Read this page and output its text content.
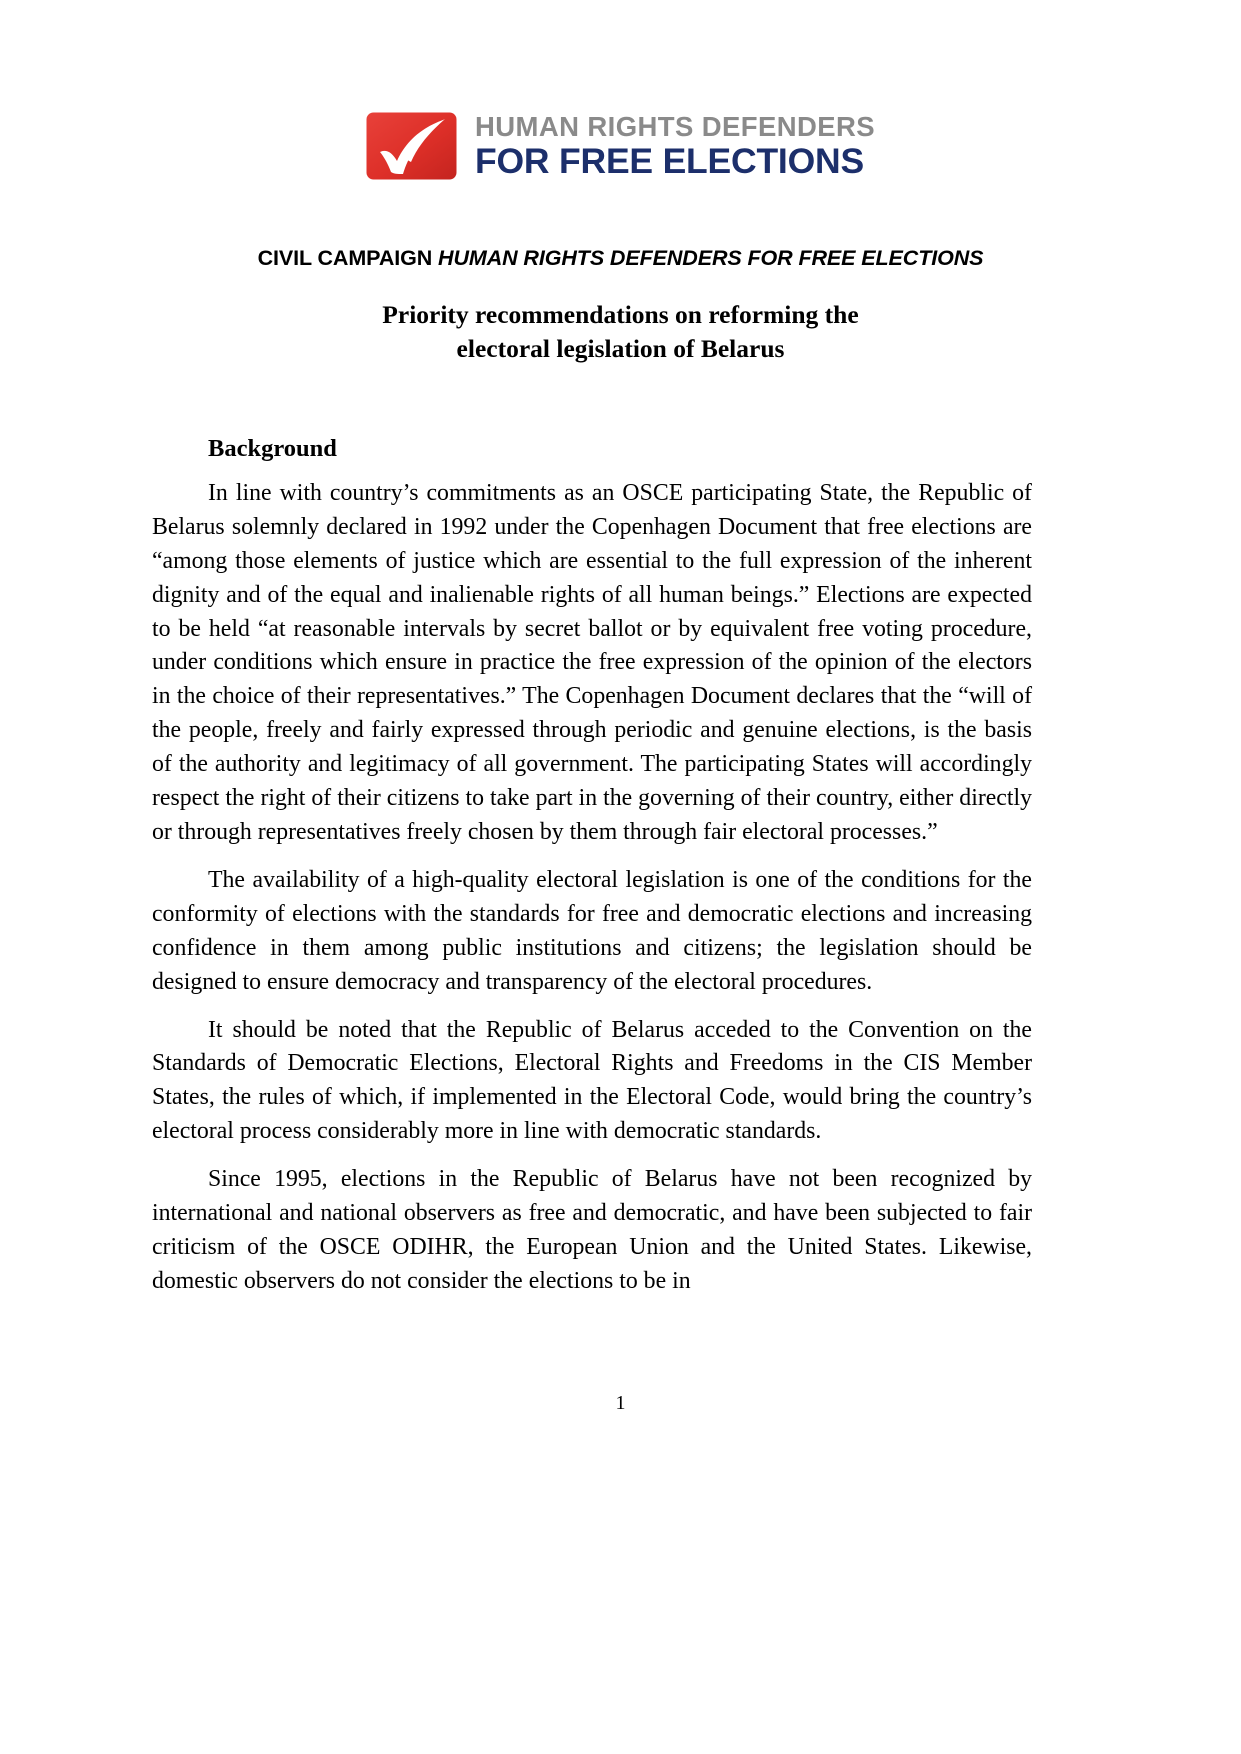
HUMAN RIGHTS DEFENDERS
FOR FREE ELECTIONS
CIVIL CAMPAIGN HUMAN RIGHTS DEFENDERS FOR FREE ELECTIONS
Priority recommendations on reforming the
electoral legislation of Belarus
Background

In line with country’s commitments as an OSCE participating State, the Republic of Belarus solemnly declared in 1992 under the Copenhagen Document that free elections are “among those elements of justice which are essential to the full expression of the inherent dignity and of the equal and inalienable rights of all human beings.” Elections are expected to be held “at reasonable intervals by secret ballot or by equivalent free voting procedure, under conditions which ensure in practice the free expression of the opinion of the electors in the choice of their representatives.” The Copenhagen Document declares that the “will of the people, freely and fairly expressed through periodic and genuine elections, is the basis of the authority and legitimacy of all government. The participating States will accordingly respect the right of their citizens to take part in the governing of their country, either directly or through representatives freely chosen by them through fair electoral processes.”

The availability of a high-quality electoral legislation is one of the conditions for the conformity of elections with the standards for free and democratic elections and increasing confidence in them among public institutions and citizens; the legislation should be designed to ensure democracy and transparency of the electoral procedures.

It should be noted that the Republic of Belarus acceded to the Convention on the Standards of Democratic Elections, Electoral Rights and Freedoms in the CIS Member States, the rules of which, if implemented in the Electoral Code, would bring the country’s electoral process considerably more in line with democratic standards.

Since 1995, elections in the Republic of Belarus have not been recognized by international and national observers as free and democratic, and have been subjected to fair criticism of the OSCE ODIHR, the European Union and the United States. Likewise, domestic observers do not consider the elections to be in

1
